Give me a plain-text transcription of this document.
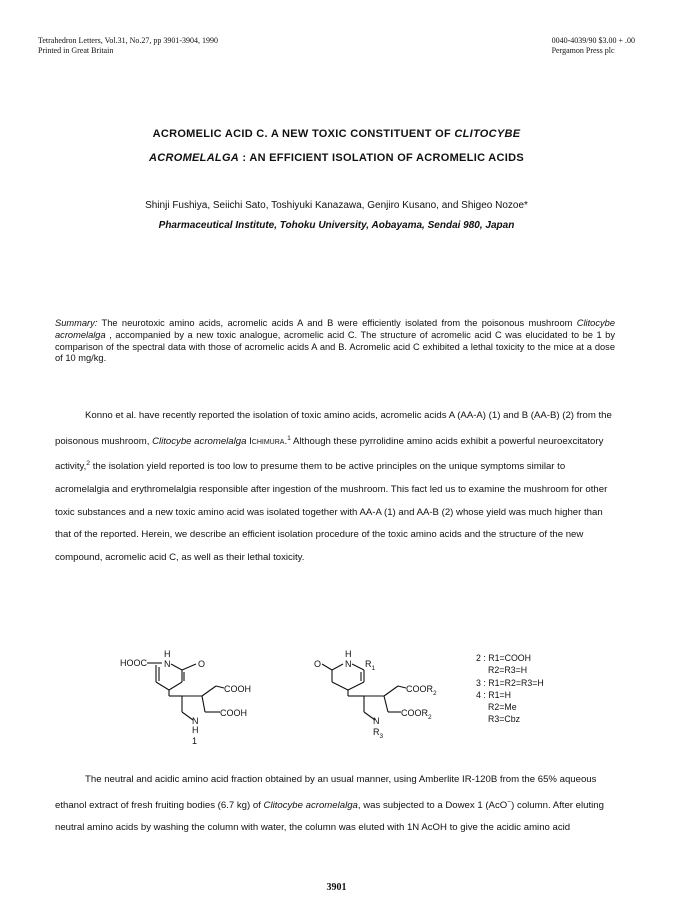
Tetrahedron Letters, Vol.31, No.27, pp 3901-3904, 1990
Printed in Great Britain
0040-4039/90 $3.00 + .00
Pergamon Press plc
ACROMELIC ACID C. A NEW TOXIC CONSTITUENT OF CLITOCYBE
ACROMELALGA : AN EFFICIENT ISOLATION OF ACROMELIC ACIDS
Shinji Fushiya, Seiichi Sato, Toshiyuki Kanazawa, Genjiro Kusano, and Shigeo Nozoe*
Pharmaceutical Institute, Tohoku University, Aobayama, Sendai 980, Japan
Summary: The neurotoxic amino acids, acromelic acids A and B were efficiently isolated from the poisonous mushroom Clitocybe acromelalga , accompanied by a new toxic analogue, acromelic acid C. The structure of acromelic acid C was elucidated to be 1 by comparison of the spectral data with those of acromelic acids A and B. Acromelic acid C exhibited a lethal toxicity to the mice at a dose of 10 mg/kg.
Konno et al. have recently reported the isolation of toxic amino acids, acromelic acids A (AA-A) (1) and B (AA-B) (2) from the poisonous mushroom, Clitocybe acromelalga Ichimura.$^1$ Although these pyrrolidine amino acids exhibit a powerful neuroexcitatory activity,$^2$ the isolation yield reported is too low to presume them to be active principles on the unique symptoms similar to acromelalgia and erythromelalgia responsible after ingestion of the mushroom. This fact led us to examine the mushroom for other toxic substances and a new toxic amino acid was isolated together with AA-A (1) and AA-B (2) whose yield was much higher than that of the reported. Herein, we describe an efficient isolation procedure of the toxic amino acids and the structure of the new compound, acromelic acid C, as well as their lethal toxicity.
H
HOOC N	O
COOH
COOH
N
H
1
H
O	N $R_1$
$COOR_2$
$COOR_2$
N
$R_3$
2 : R1=COOH
R2=R3=H
3 : R1=R2=R3=H
4 : R1=H
R2=Me
R3=Cbz
The neutral and acidic amino acid fraction obtained by an usual manner, using Amberlite IR-120B from the 65% aqueous ethanol extract of fresh fruiting bodies (6.7 kg) of Clitocybe acromelalga, was subjected to a Dowex 1 (AcO−) column. After eluting neutral amino acids by washing the column with water, the column was eluted with 1N AcOH to give the acidic amino acid
3901
